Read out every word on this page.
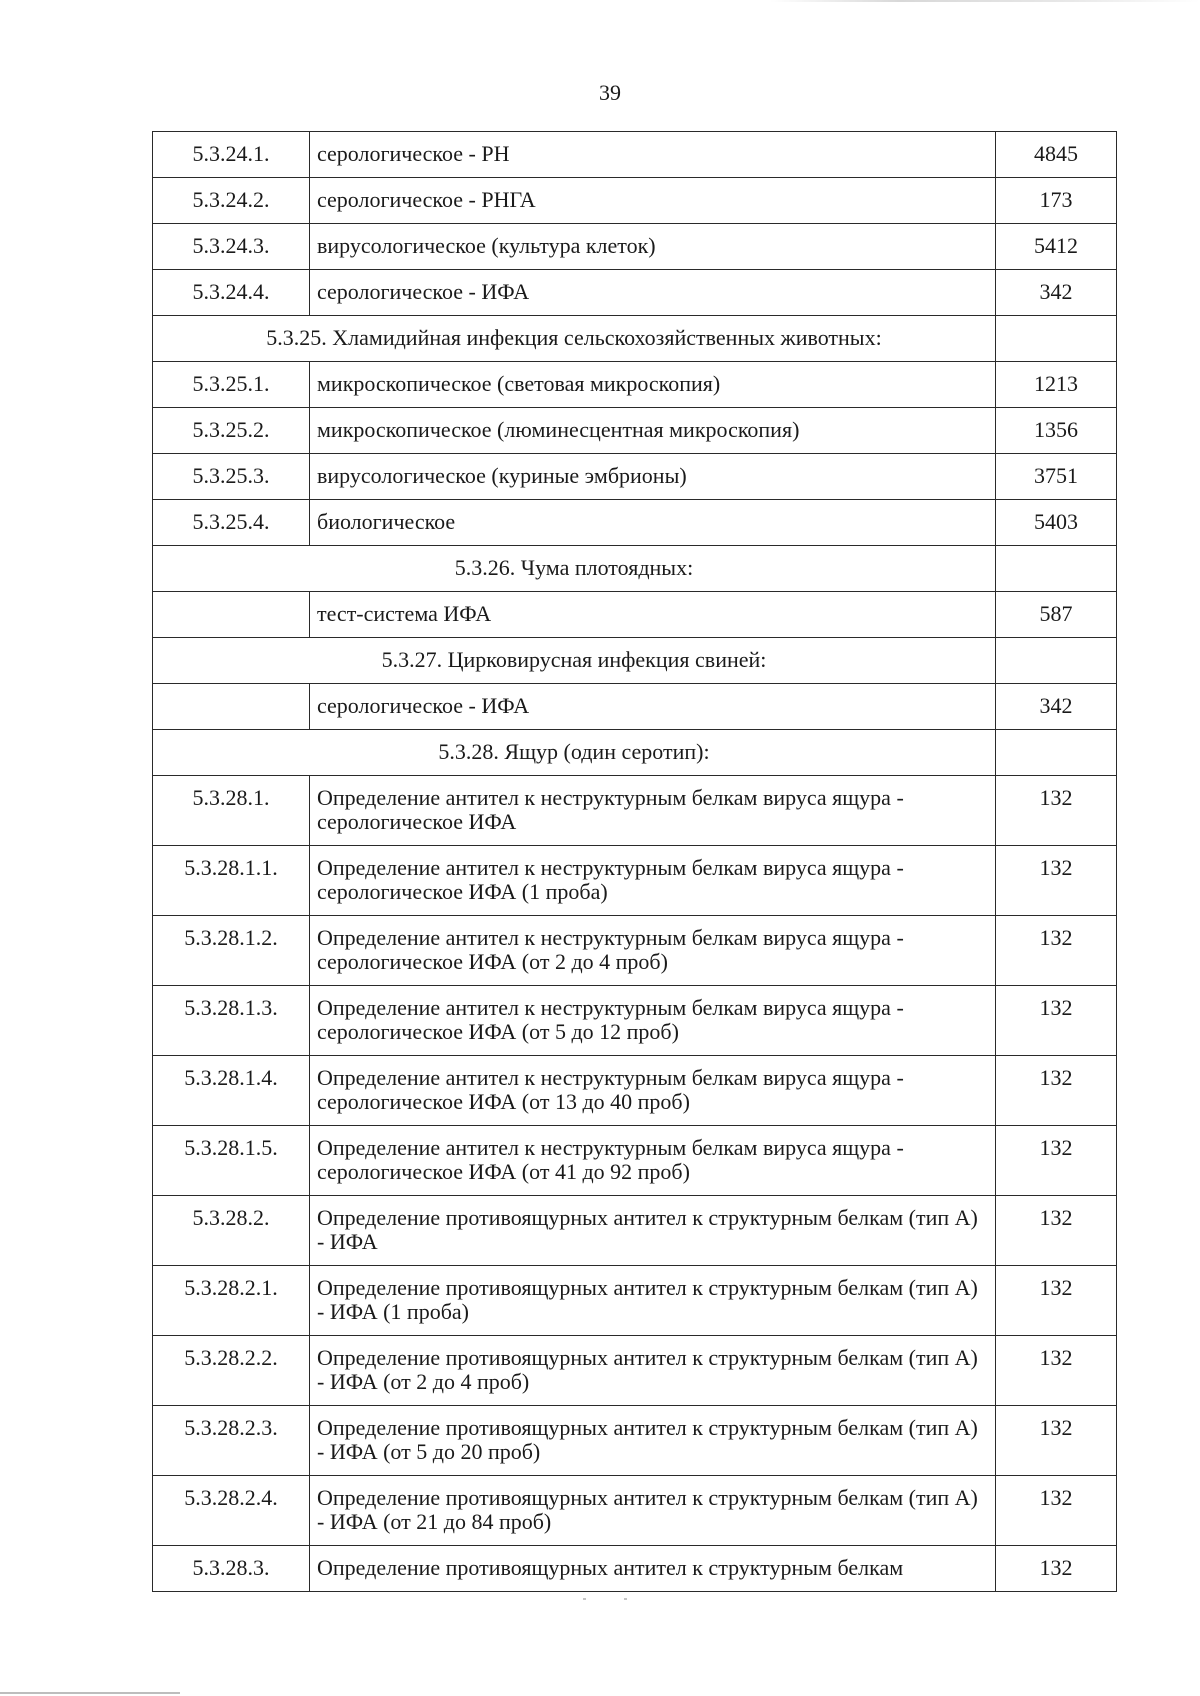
39
5.3.24.1.	серологическое - РН	4845
5.3.24.2.	серологическое - РНГА	173
5.3.24.3.	вирусологическое (культура клеток)	5412
5.3.24.4.	серологическое - ИФА	342
5.3.25. Хламидийная инфекция сельскохозяйственных животных:		
5.3.25.1.	микроскопическое (световая микроскопия)	1213
5.3.25.2.	микроскопическое (люминесцентная микроскопия)	1356
5.3.25.3.	вирусологическое (куриные эмбрионы)	3751
5.3.25.4.	биологическое	5403
5.3.26. Чума плотоядных:		
	тест-система ИФА	587
5.3.27. Цирковирусная инфекция свиней:		
	серологическое - ИФА	342
5.3.28. Ящур (один серотип):		
5.3.28.1.	Определение антител к неструктурным белкам вируса ящура - серологическое ИФА	132
5.3.28.1.1.	Определение антител к неструктурным белкам вируса ящура - серологическое ИФА (1 проба)	132
5.3.28.1.2.	Определение антител к неструктурным белкам вируса ящура - серологическое ИФА (от 2 до 4 проб)	132
5.3.28.1.3.	Определение антител к неструктурным белкам вируса ящура - серологическое ИФА (от 5 до 12 проб)	132
5.3.28.1.4.	Определение антител к неструктурным белкам вируса ящура - серологическое ИФА (от 13 до 40 проб)	132
5.3.28.1.5.	Определение антител к неструктурным белкам вируса ящура - серологическое ИФА (от 41 до 92 проб)	132
5.3.28.2.	Определение противоящурных антител к структурным белкам (тип А) - ИФА	132
5.3.28.2.1.	Определение противоящурных антител к структурным белкам (тип А) - ИФА (1 проба)	132
5.3.28.2.2.	Определение противоящурных антител к структурным белкам (тип А) - ИФА (от 2 до 4 проб)	132
5.3.28.2.3.	Определение противоящурных антител к структурным белкам (тип А) - ИФА (от 5 до 20 проб)	132
5.3.28.2.4.	Определение противоящурных антител к структурным белкам (тип А) - ИФА (от 21 до 84 проб)	132
5.3.28.3.	Определение противоящурных антител к структурным белкам	132
